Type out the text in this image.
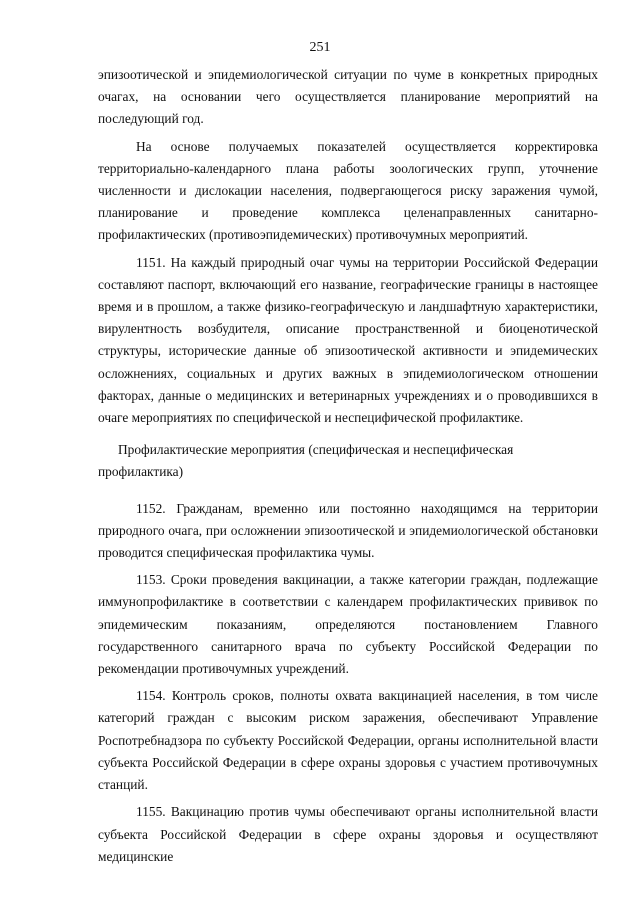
251

эпизоотической и эпидемиологической ситуации по чуме в конкретных природных очагах, на основании чего осуществляется планирование мероприятий на последующий год.

На основе получаемых показателей осуществляется корректировка территориально-календарного плана работы зоологических групп, уточнение численности и дислокации населения, подвергающегося риску заражения чумой, планирование и проведение комплекса целенаправленных санитарно-профилактических (противоэпидемических) противочумных мероприятий.

1151. На каждый природный очаг чумы на территории Российской Федерации составляют паспорт, включающий его название, географические границы в настоящее время и в прошлом, а также физико-географическую и ландшафтную характеристики, вирулентность возбудителя, описание пространственной и биоценотической структуры, исторические данные об эпизоотической активности и эпидемических осложнениях, социальных и других важных в эпидемиологическом отношении факторах, данные о медицинских и ветеринарных учреждениях и о проводившихся в очаге мероприятиях по специфической и неспецифической профилактике.

Профилактические мероприятия (специфическая и неспецифическая профилактика)

1152. Гражданам, временно или постоянно находящимся на территории природного очага, при осложнении эпизоотической и эпидемиологической обстановки проводится специфическая профилактика чумы.

1153. Сроки проведения вакцинации, а также категории граждан, подлежащие иммунопрофилактике в соответствии с календарем профилактических прививок по эпидемическим показаниям, определяются постановлением Главного государственного санитарного врача по субъекту Российской Федерации по рекомендации противочумных учреждений.

1154. Контроль сроков, полноты охвата вакцинацией населения, в том числе категорий граждан с высоким риском заражения, обеспечивают Управление Роспотребнадзора по субъекту Российской Федерации, органы исполнительной власти субъекта Российской Федерации в сфере охраны здоровья с участием противочумных станций.

1155. Вакцинацию против чумы обеспечивают органы исполнительной власти субъекта Российской Федерации в сфере охраны здоровья и осуществляют медицинские
